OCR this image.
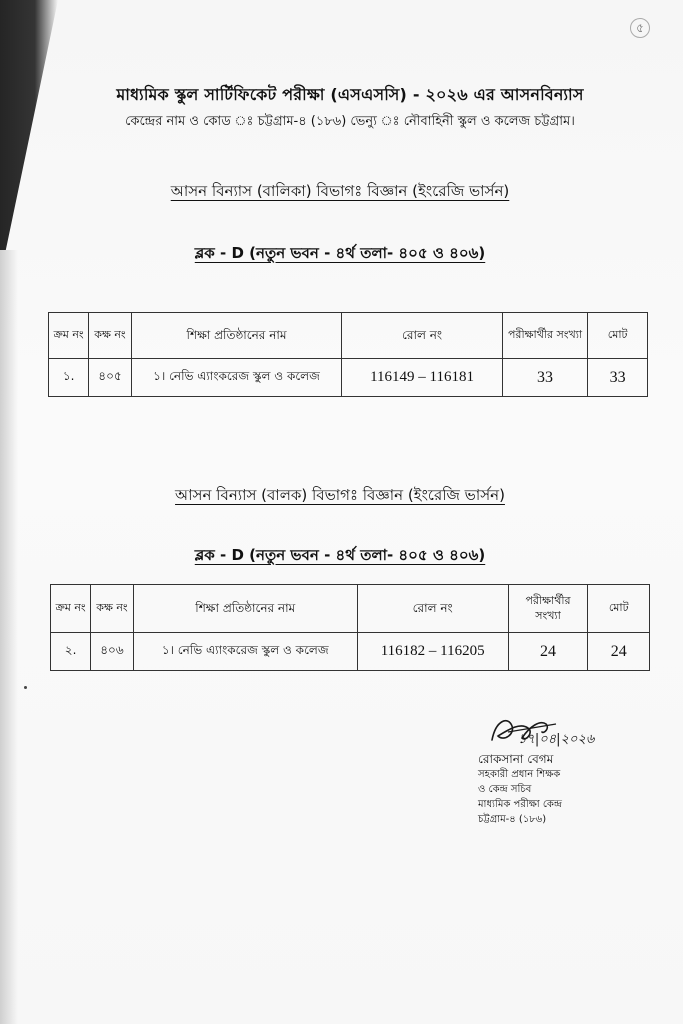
৫
মাধ্যমিক স্কুল সার্টিফিকেট পরীক্ষা (এসএসসি) - ২০২৬ এর আসনবিন্যাস
কেন্দ্রের নাম ও কোড ঃ চট্টগ্রাম-৪ (১৮৬) ভেন্যু ঃ নৌবাহিনী স্কুল ও কলেজ চট্টগ্রাম।
আসন বিন্যাস (বালিকা) বিভাগঃ বিজ্ঞান (ইংরেজি ভার্সন)
ব্লক - D (নতুন ভবন - ৪র্থ তলা- ৪০৫ ও ৪০৬)
ক্রম নং	কক্ষ নং	শিক্ষা প্রতিষ্ঠানের নাম	রোল নং	পরীক্ষার্থীর সংখ্যা	মোট
১.	৪০৫	১। নেভি এ্যাংকরেজ স্কুল ও কলেজ	116149 – 116181	33	33
আসন বিন্যাস (বালক) বিভাগঃ বিজ্ঞান (ইংরেজি ভার্সন)
ব্লক - D (নতুন ভবন - ৪র্থ তলা- ৪০৫ ও ৪০৬)
ক্রম নং	কক্ষ নং	শিক্ষা প্রতিষ্ঠানের নাম	রোল নং	পরীক্ষার্থীর সংখ্যা	মোট
২.	৪০৬	১। নেভি এ্যাংকরেজ স্কুল ও কলেজ	116182 – 116205	24	24
১৭|০৪|২০২৬
রোকসানা বেগম
সহকারী প্রধান শিক্ষক
ও কেন্দ্র সচিব
মাধ্যমিক পরীক্ষা কেন্দ্র
চট্টগ্রাম-৪ (১৮৬)
